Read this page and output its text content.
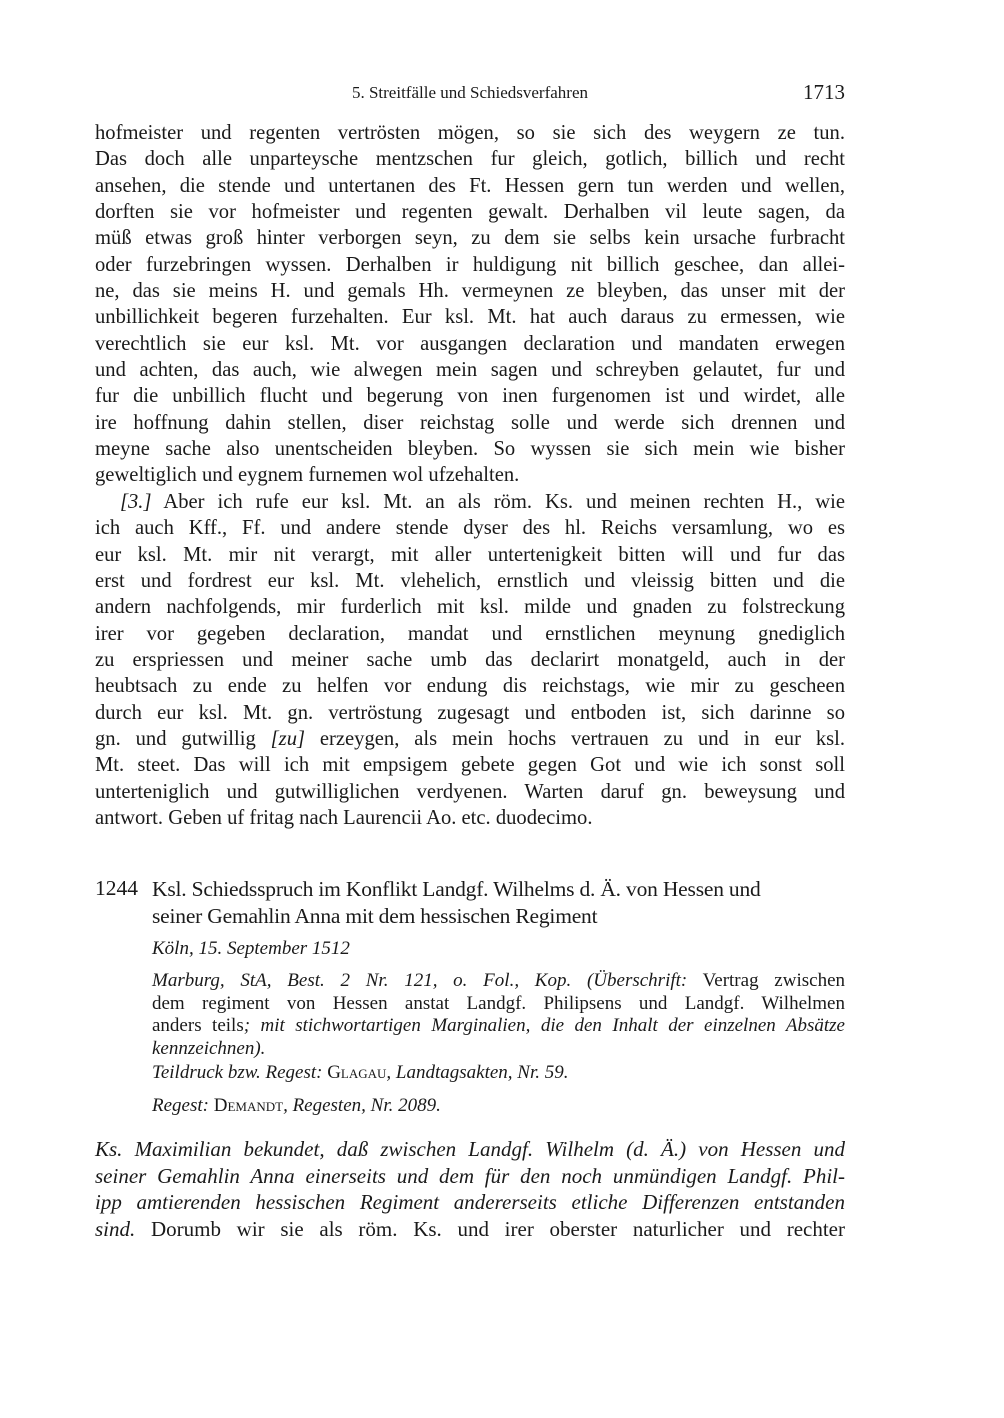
5. Streitfälle und Schiedsverfahren	1713

hofmeister und regenten vertrösten mögen, so sie sich des weygern ze tun.
Das doch alle unparteysche mentzschen fur gleich, gotlich, billich und recht
ansehen, die stende und untertanen des Ft. Hessen gern tun werden und wellen,
dorften sie vor hofmeister und regenten gewalt. Derhalben vil leute sagen, da
müß etwas groß hinter verborgen seyn, zu dem sie selbs kein ursache furbracht
oder furzebringen wyssen. Derhalben ir huldigung nit billich geschee, dan allei-
ne, das sie meins H. und gemals Hh. vermeynen ze bleyben, das unser mit der
unbillichkeit begeren furzehalten. Eur ksl. Mt. hat auch daraus zu ermessen, wie
verechtlich sie eur ksl. Mt. vor ausgangen declaration und mandaten erwegen
und achten, das auch, wie alwegen mein sagen und schreyben gelautet, fur und
fur die unbillich flucht und begerung von inen furgenomen ist und wirdet, alle
ire hoffnung dahin stellen, diser reichstag solle und werde sich drennen und
meyne sache also unentscheiden bleyben. So wyssen sie sich mein wie bisher
geweltiglich und eygnem furnemen wol ufzehalten.

[3.] Aber ich rufe eur ksl. Mt. an als röm. Ks. und meinen rechten H., wie
ich auch Kff., Ff. und andere stende dyser des hl. Reichs versamlung, wo es
eur ksl. Mt. mir nit verargt, mit aller untertenigkeit bitten will und fur das
erst und fordrest eur ksl. Mt. vlehelich, ernstlich und vleissig bitten und die
andern nachfolgends, mir furderlich mit ksl. milde und gnaden zu folstreckung
irer vor gegeben declaration, mandat und ernstlichen meynung gnediglich
zu erspriessen und meiner sache umb das declarirt monatgeld, auch in der
heubtsach zu ende zu helfen vor endung dis reichstags, wie mir zu gescheen
durch eur ksl. Mt. gn. vertröstung zugesagt und entboden ist, sich darinne so
gn. und gutwillig [zu] erzeygen, als mein hochs vertrauen zu und in eur ksl.
Mt. steet. Das will ich mit empsigem gebete gegen Got und wie ich sonst soll
unterteniglich und gutwilliglichen verdyenen. Warten daruf gn. beweysung und
antwort. Geben uf fritag nach Laurencii Ao. etc. duodecimo.

1244 Ksl. Schiedsspruch im Konflikt Landgf. Wilhelms d. Ä. von Hessen und
seiner Gemahlin Anna mit dem hessischen Regiment
Köln, 15. September 1512
Marburg, StA, Best. 2 Nr. 121, o. Fol., Kop. (Überschrift: Vertrag zwischen
dem regiment von Hessen anstat Landgf. Philipsens und Landgf. Wilhelmen
anders teils; mit stichwortartigen Marginalien, die den Inhalt der einzelnen Absätze
kennzeichnen).
Teildruck bzw. Regest: Glagau, Landtagsakten, Nr. 59.
Regest: Demandt, Regesten, Nr. 2089.
Ks. Maximilian bekundet, daß zwischen Landgf. Wilhelm (d. Ä.) von Hessen und
seiner Gemahlin Anna einerseits und dem für den noch unmündigen Landgf. Phil-
ipp amtierenden hessischen Regiment andererseits etliche Differenzen entstanden
sind. Dorumb wir sie als röm. Ks. und irer oberster naturlicher und rechter
